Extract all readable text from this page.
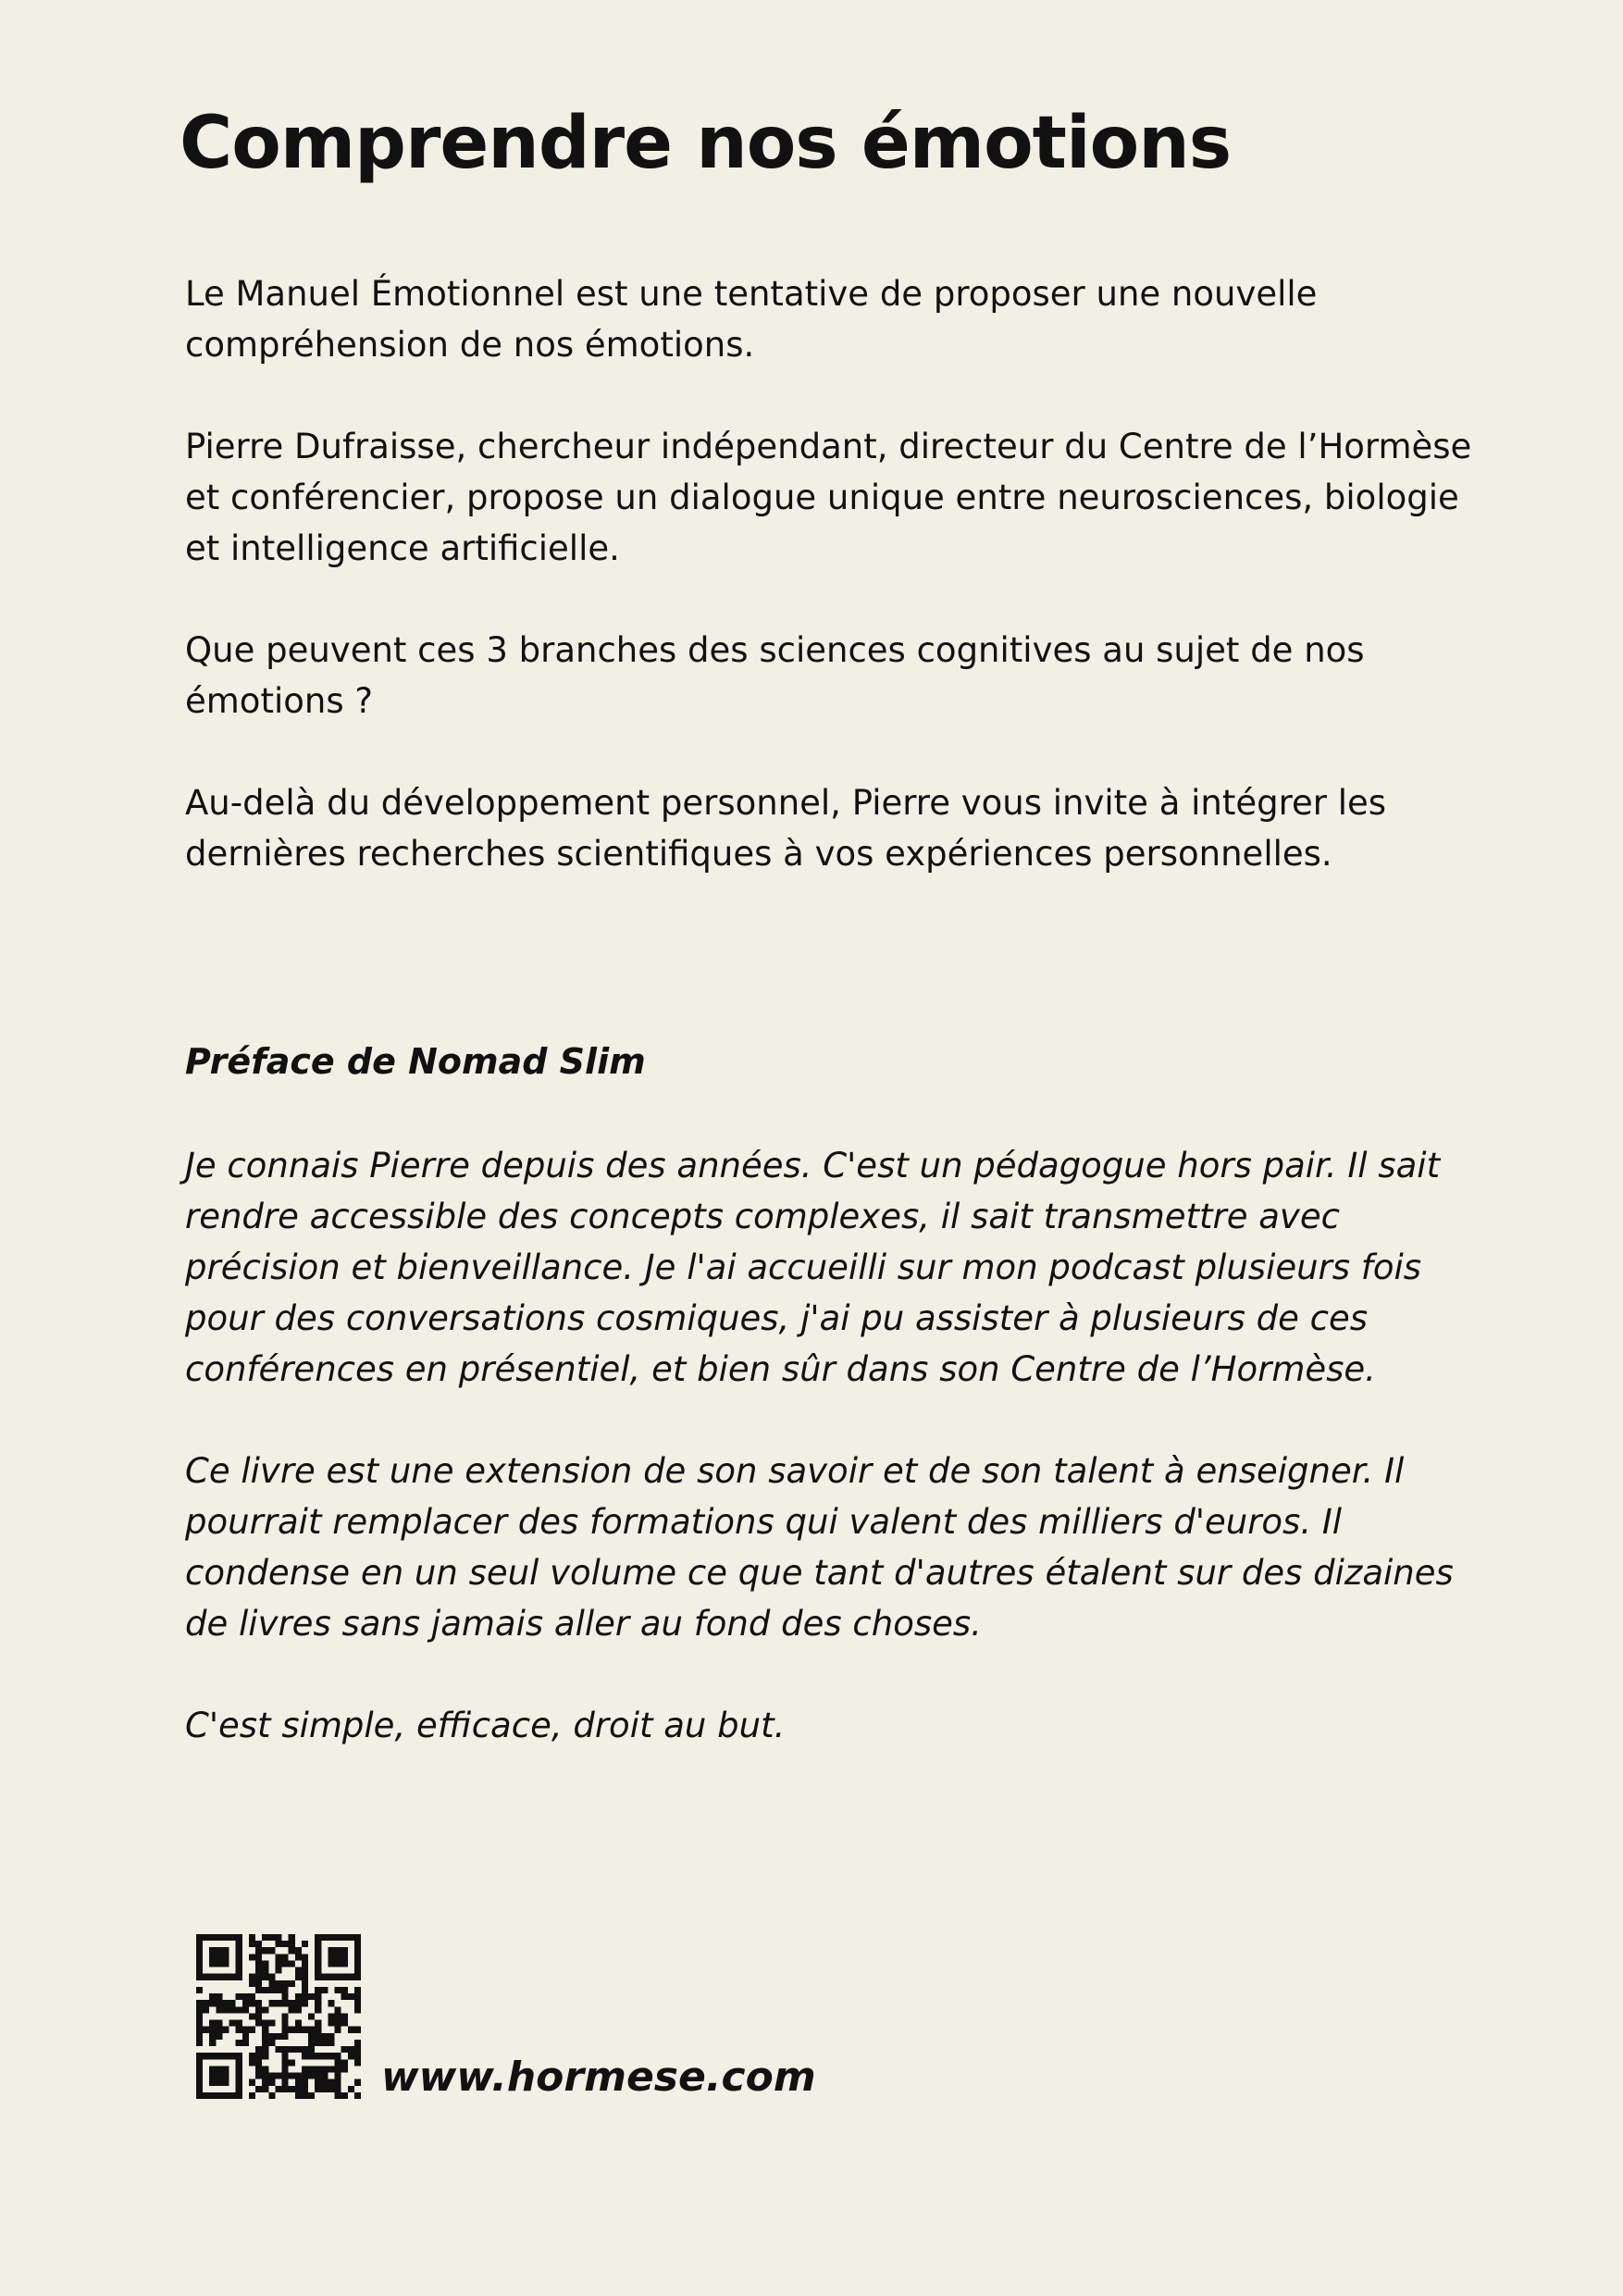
Comprendre nos émotions

Le Manuel Émotionnel est une tentative de proposer une nouvelle compréhension de nos émotions.

Pierre Dufraisse, chercheur indépendant, directeur du Centre de l’Hormèse et conférencier, propose un dialogue unique entre neurosciences, biologie et intelligence artificielle.

Que peuvent ces 3 branches des sciences cognitives au sujet de nos émotions ?

Au-delà du développement personnel, Pierre vous invite à intégrer les dernières recherches scientifiques à vos expériences personnelles.

Préface de Nomad Slim

Je connais Pierre depuis des années. C'est un pédagogue hors pair. Il sait rendre accessible des concepts complexes, il sait transmettre avec précision et bienveillance. Je l'ai accueilli sur mon podcast plusieurs fois pour des conversations cosmiques, j'ai pu assister à plusieurs de ces conférences en présentiel, et bien sûr dans son Centre de l’Hormèse.

Ce livre est une extension de son savoir et de son talent à enseigner. Il pourrait remplacer des formations qui valent des milliers d'euros. Il condense en un seul volume ce que tant d'autres étalent sur des dizaines de livres sans jamais aller au fond des choses.

C'est simple, efficace, droit au but.

www.hormese.com
